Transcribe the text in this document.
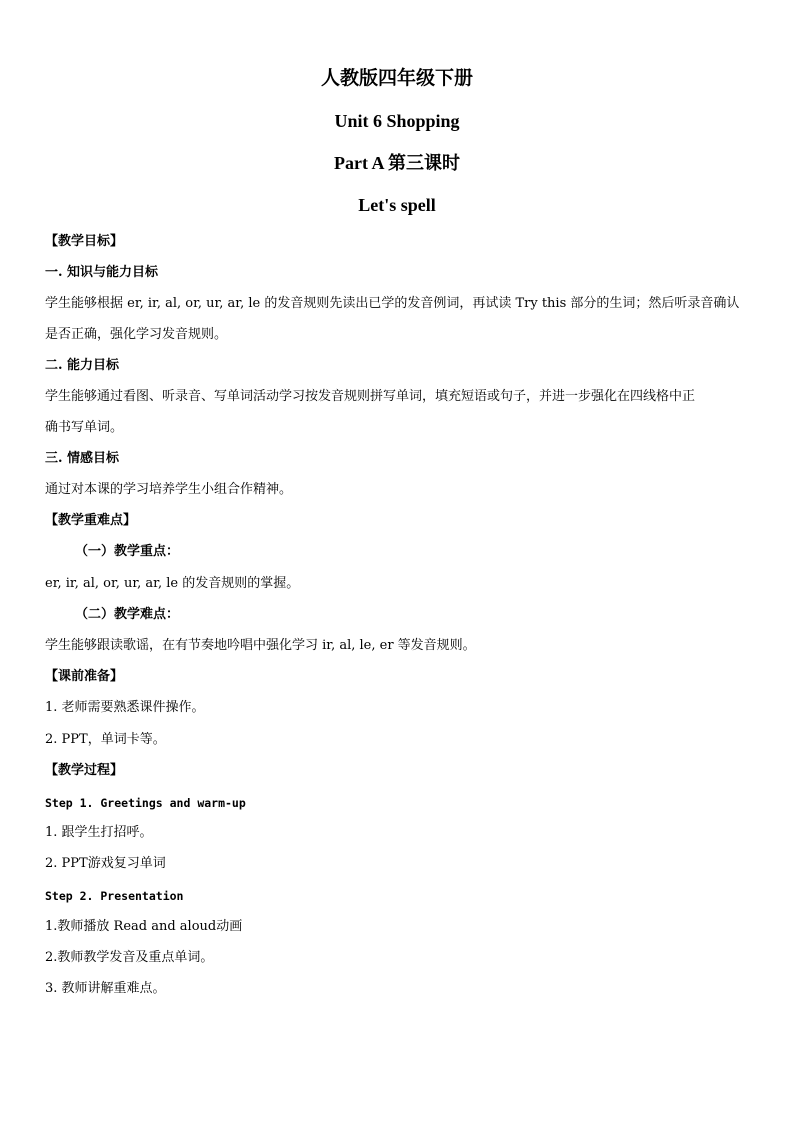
人教版四年级下册
Unit 6 Shopping
Part A 第三课时
Let's spell
【教学目标】
一. 知识与能力目标
学生能够根据 er, ir, al, or, ur, ar, le 的发音规则先读出已学的发音例词，再试读 Try this 部分的生词；然后听录音确认
是否正确，强化学习发音规则。
二. 能力目标
学生能够通过看图、听录音、写单词活动学习按发音规则拼写单词，填充短语或句子，并进一步强化在四线格中正
确书写单词。
三. 情感目标
通过对本课的学习培养学生小组合作精神。
【教学重难点】
（一）教学重点：
er, ir, al, or, ur, ar, le 的发音规则的掌握。
（二）教学难点：
学生能够跟读歌谣，在有节奏地吟唱中强化学习 ir, al, le, er 等发音规则。
【课前准备】
1. 老师需要熟悉课件操作。
2. PPT，单词卡等。
【教学过程】
Step 1. Greetings and warm-up
1. 跟学生打招呼。
2. PPT游戏复习单词
Step 2. Presentation
1.教师播放 Read and aloud动画
2.教师教学发音及重点单词。
3. 教师讲解重难点。
